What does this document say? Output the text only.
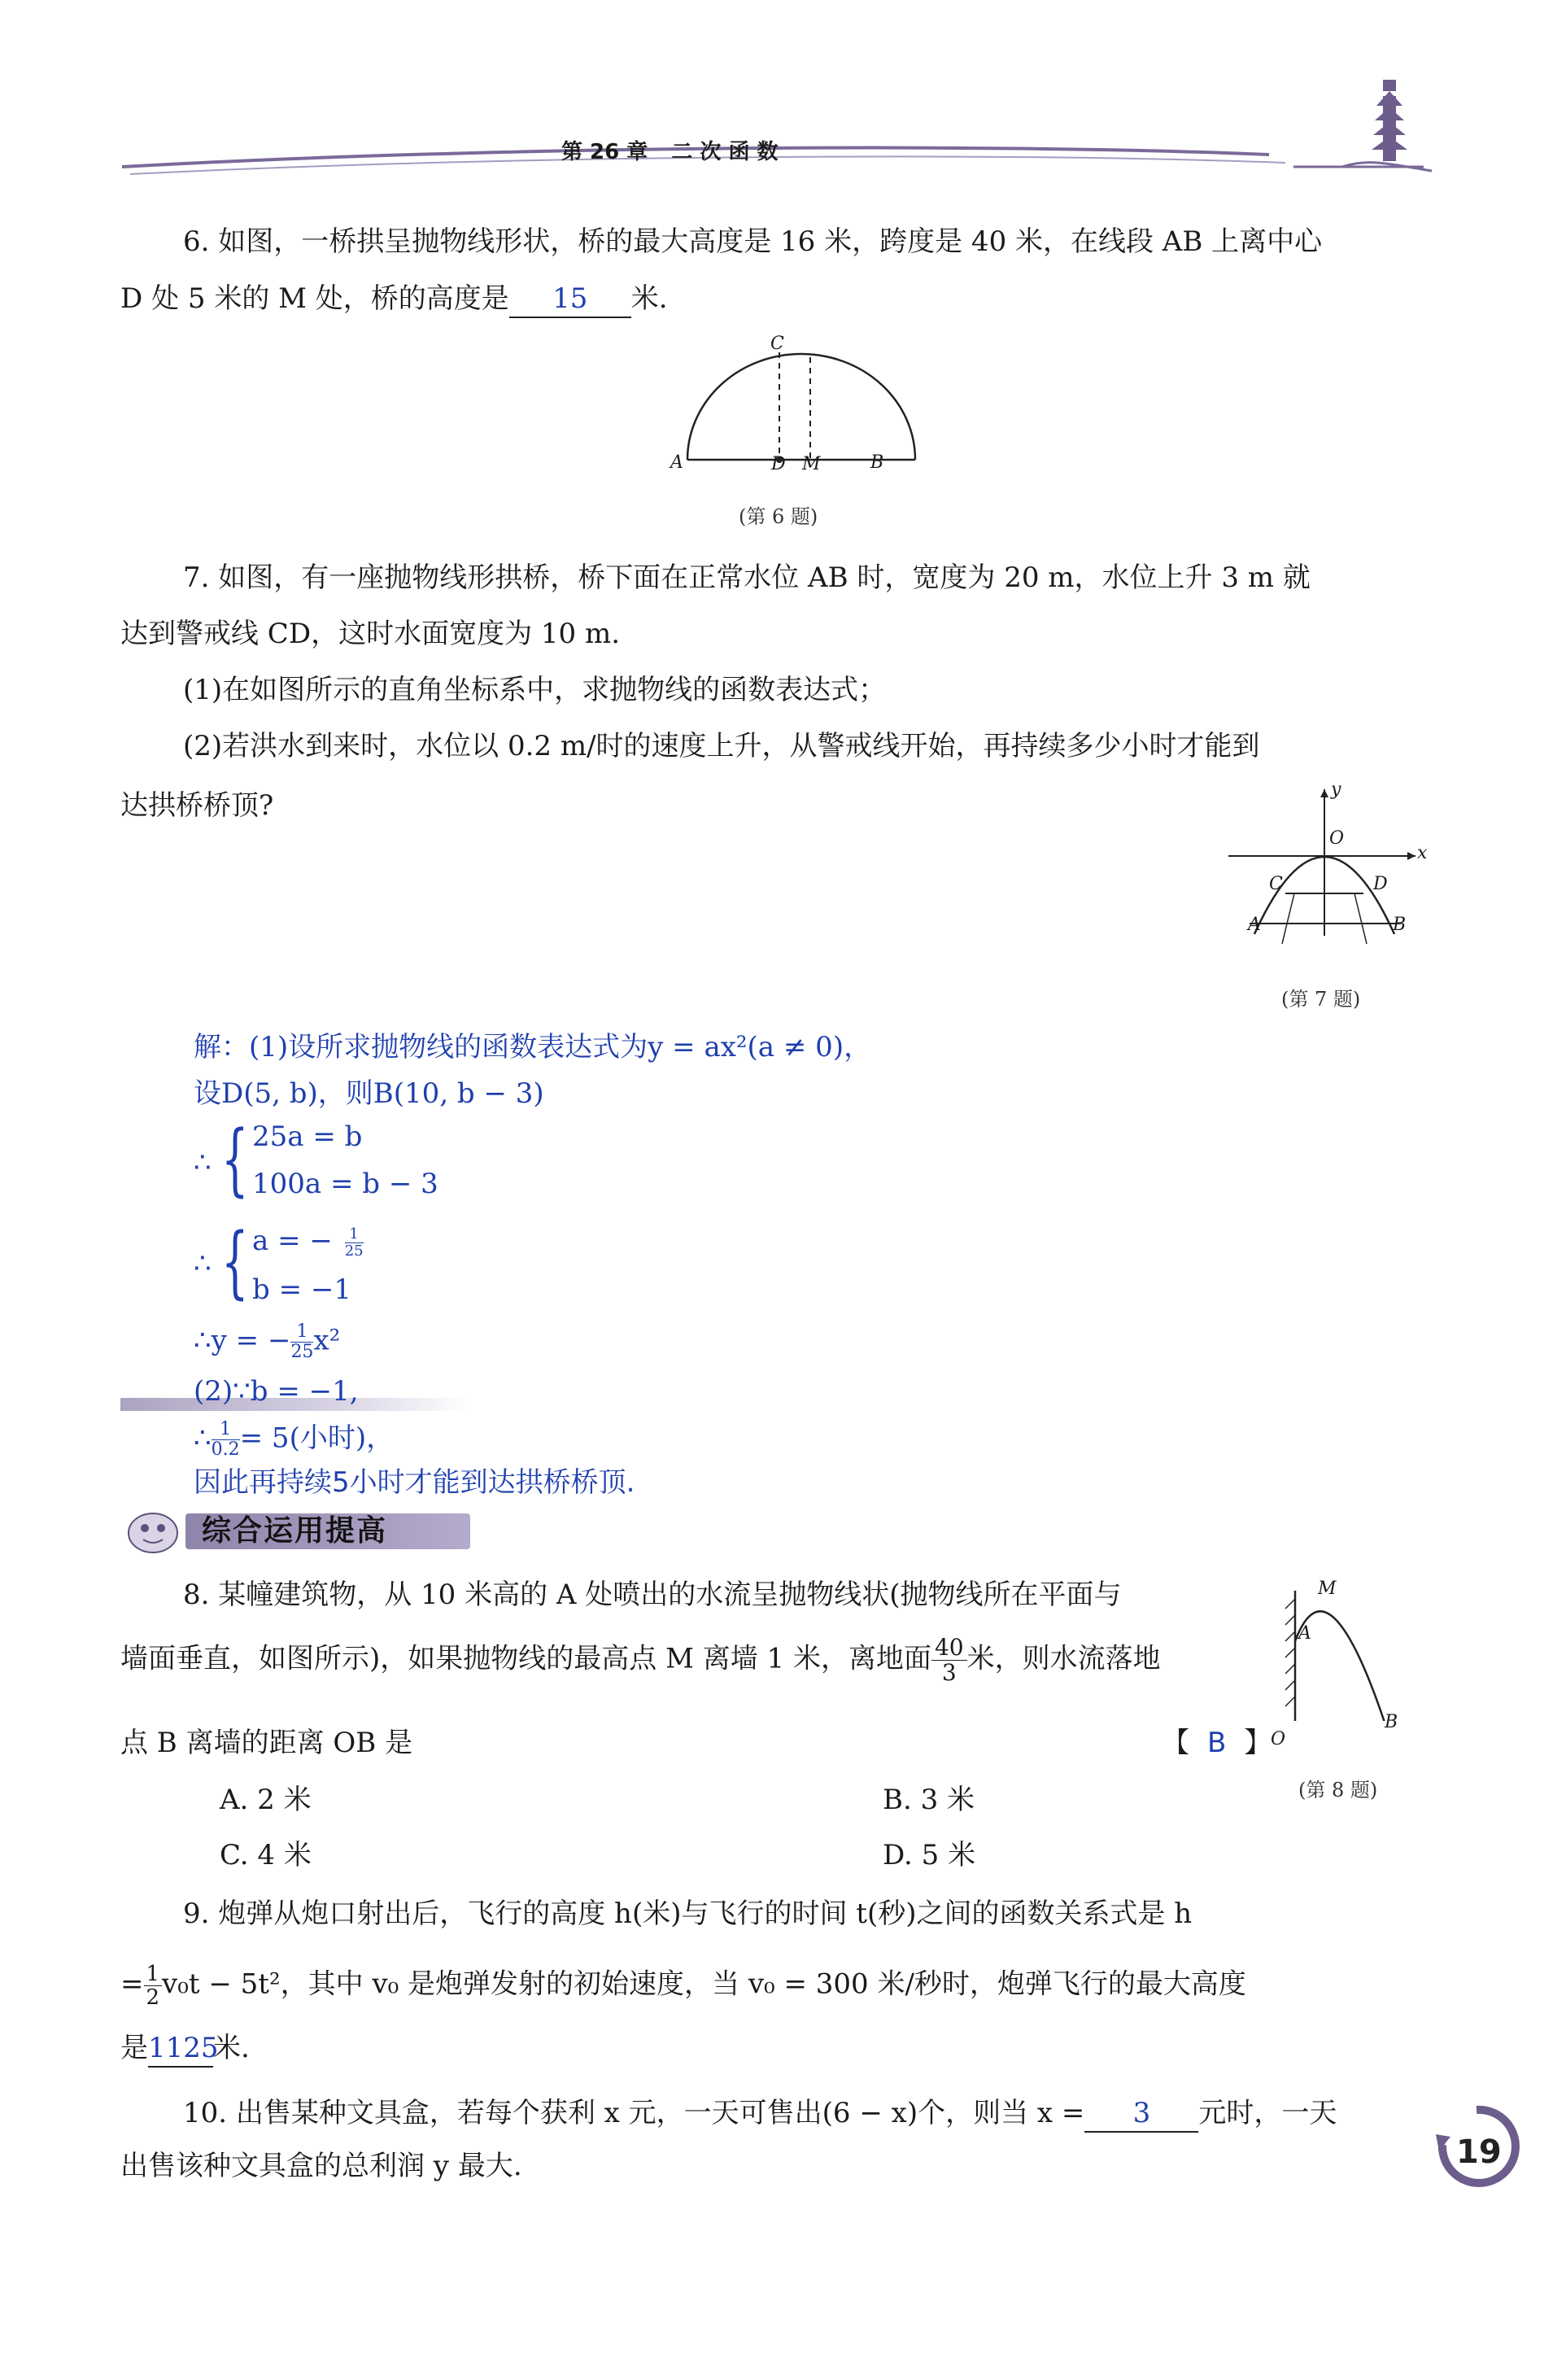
第 26 章 二 次 函 数
6. 如图，一桥拱呈抛物线形状，桥的最大高度是 16 米，跨度是 40 米，在线段 AB 上离中心
D 处 5 米的 M 处，桥的高度是 15 米.
C
A	D M	B
(第 6 题)
7. 如图，有一座抛物线形拱桥，桥下面在正常水位 AB 时，宽度为 20 m，水位上升 3 m 就
达到警戒线 CD，这时水面宽度为 10 m.
(1)在如图所示的直角坐标系中，求抛物线的函数表达式；
(2)若洪水到来时，水位以 0.2 m/时的速度上升，从警戒线开始，再持续多少小时才能到
达拱桥桥顶?	y
x
O
C	D
A	B
(第 7 题)
解：(1)设所求抛物线的函数表达式为y = ax²(a ≠ 0)，
设D(5, b)，则B(10, b − 3)
∴ { 25a = b
100a = b − 3
∴ { a = − $\frac{1}{25}$
b = −1
∴y = − $\frac{1}{25} x^2$
(2)∵b = −1,
∴ $\frac{1}{0.2} = 5$(小时)，
因此再持续5小时才能到达拱桥桥顶.
综合运用提高
8. 某幢建筑物，从 10 米高的 A 处喷出的水流呈抛物线状(抛物线所在平面与
墙面垂直，如图所示)，如果抛物线的最高点 M 离墙 1 米，离地面 $\frac{40}{3}$ 米，则水流落地
点 B 离墙的距离 OB 是	【 B 】
A. 2 米	B. 3 米
C. 4 米	D. 5 米
M
A
O
B
(第 8 题)
9. 炮弹从炮口射出后，飞行的高度 h(米)与飞行的时间 t(秒)之间的函数关系式是 h
= $\frac{1}{2} v_0t - 5t^2$，其中 v₀ 是炮弹发射的初始速度，当 v₀ = 300 米/秒时，炮弹飞行的最大高度
是1125米.
10. 出售某种文具盒，若每个获利 x 元，一天可售出(6 − x)个，则当 x = 3 元时，一天
出售该种文具盒的总利润 y 最大.	19
